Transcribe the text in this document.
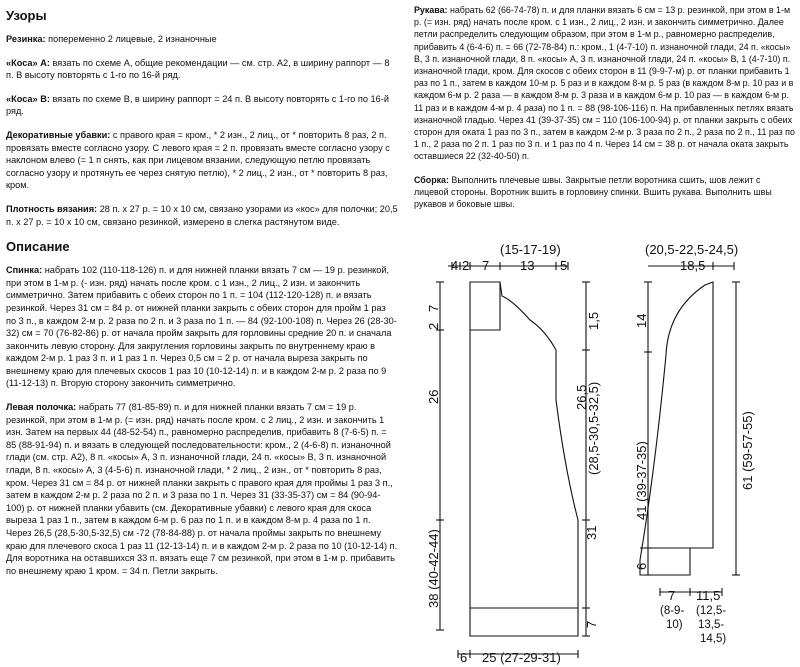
Узоры

Резинка: попеременно 2 лицевые, 2 изнаночные

«Коса» А: вязать по схеме А, общие рекомендации — см. стр. А2, в ширину раппорт — 8 п. В высоту повторять с 1-го по 16-й ряд.

«Коса» В: вязать по схеме В, в ширину раппорт = 24 п. В высоту повторять с 1-го по 16-й ряд.

Декоративные убавки: с правого края = кром., * 2 изн., 2 лиц., от * повторить 8 раз, 2 п. провязать вместе согласно узору. С левого края = 2 п. провязать вместе согласно узору с наклоном влево (= 1 п снять, как при лицевом вязании, следующую петлю провязать согласно узору и протянуть ее через снятую петлю), * 2 лиц., 2 изн., от * повторить 8 раз, кром.

Плотность вязания: 28 п. х 27 р. = 10 х 10 см, связано узорами из «кос» для полочки; 20,5 п. х 27 р. = 10 х 10 см, связано резинкой, измерено в слегка растянутом виде.

Описание

Спинка: набрать 102 (110-118-126) п. и для нижней планки вязать 7 см — 19 р. резинкой, при этом в 1-м р. (- изн. ряд) начать после кром. с 1 изн., 2 лиц., 2 изн. и закончить симметрично. Затем прибавить с обеих сторон по 1 п. = 104 (112-120-128) п. и вязать резинкой. Через 31 см = 84 р. от нижней планки закрыть с обеих сторон для пройм 1 раз по 3 п., в каждом 2-м р. 2 раза по 2 п. и 3 раза по 1 п. — 84 (92-100-108) п. Через 26 (28-30-32) см = 70 (76-82-86) р. от начала пройм закрыть для горловины средние 20 п. и сначала закончить левую сторону. Для закругления горловины закрыть по внутреннему краю в каждом 2-м р. 1 раз 3 п. и 1 раз 1 п. Через 0,5 см = 2 р. от начала выреза закрыть по внешнему краю для плечевых скосов 1 раз 10 (10-12-14) п. и в каждом 2-м р. 2 раза по 9 (11-12-13) п. Вторую сторону закончить симметрично.

Левая полочка: набрать 77 (81-85-89) п. и для нижней планки вязать 7 см = 19 р. резинкой, при этом в 1-м р. (= изн. ряд) начать после кром. с 2 лиц., 2 изн. и закончить 1 изн. Затем на первых 44 (48-52-54) п., равномерно распределив, прибавить 8 (7-6-5) п. = 85 (88-91-94) п. и вязать в следующей последовательности: кром., 2 (4-6-8) п. изнаночной глади (см. стр. А2), 8 п. «косы» А, 3 п. изнаночной глади, 24 п. «косы» В, 3 п. изнаночной глади, 8 п. «косы» А, 3 (4-5-6) п. изнаночной глади, * 2 лиц., 2 изн., от * повторить 8 раз, кром. Через 31 см = 84 р. от нижней планки закрыть с правого края для проймы 1 раз 3 п., затем в каждом 2-м р. 2 раза по 2 п. и 3 раза по 1 п. Через 31 (33-35-37) см = 84 (90-94-100) р. от нижней планки убавить (см. Декоративные убавки) с левого края для скоса выреза 1 раз 1 п., затем в каждом 6-м р. 6 раз по 1 п. и в каждом 8-м р. 4 раза по 1 п. Через 26,5 (28,5-30,5-32,5) см -72 (78-84-88) р. от начала проймы закрыть по внешнему краю для плечевого скоса 1 раз 11 (12-13-14) п. и в каждом 2-м р. 2 раза по 10 (10-12-14) п. Для воротника на оставшихся 33 п. вязать еще 7 см резинкой, при этом в 1-м р. прибавить по внешнему краю 1 кром. = 34 п. Петли закрыть.

Рукава: набрать 62 (66-74-78) п. и для планки вязать 6 см = 13 р. резинкой, при этом в 1-м р. (= изн. ряд) начать после кром. с 1 изн., 2 лиц., 2 изн. и закончить симметрично. Далее петли распределить следующим образом, при этом в 1-м р., равномерно распределив, прибавить 4 (6-4-6) п. = 66 (72-78-84) п.: кром., 1 (4-7-10) п. изнаночной глади, 24 п. «косы» В, 3 п. изнаночной глади, 8 п. «косы» А, 3 п. изнаночной глади, 24 п. «косы» В, 1 (4-7-10) п. изнаночной глади, кром. Для скосов с обеих сторон в 11 (9-9-7-м) р. от планки прибавить 1 раз по 1 п., затем в каждом 10-м р. 5 раз и в каждом 8-м р. 5 раз (в каждом 8-м р. 10 раз и в каждом 6-м р. 2 раза — в каждом 8-м р. 3 раза и в каждом 6-м р. 10 раз — в каждом 6-м р. 11 раз и в каждом 4-м р. 4 раза) по 1 п. = 88 (98-106-116) п. На прибавленных петлях вязать изнаночной гладью. Через 41 (39-37-35) см = 110 (106-100-94) р. от планки закрыть с обеих сторон для оката 1 раз по 3 п., затем в каждом 2-м р. 3 раза по 2 п., 2 раза по 2 п., 11 раз по 1 п., 2 раза по 2 п. 1 раз по 3 п. и 1 раз по 4 п. Через 14 см = 38 р. от начала оката закрыть оставшиеся 22 (32-40-50) п.

Сборка: Выполнить плечевые швы. Закрытые петли воротника сшить, шов лежит с лицевой стороны. Воротник вшить в горловину спинки. Вшить рукава. Выполнить швы рукавов и боковые швы.

(15-17-19)
4 2 7 13 5
7
2
26
38 (40-42-44)
1,5
26,5
(28,5-30,5-32,5)
31
7
6 25 (27-29-31)
(20,5-22,5-24,5)
18,5
14
41 (39-37-35)
6
61 (59-57-55)
7
(8-9-
10)
11,5
(12,5-
13,5-
14,5)
